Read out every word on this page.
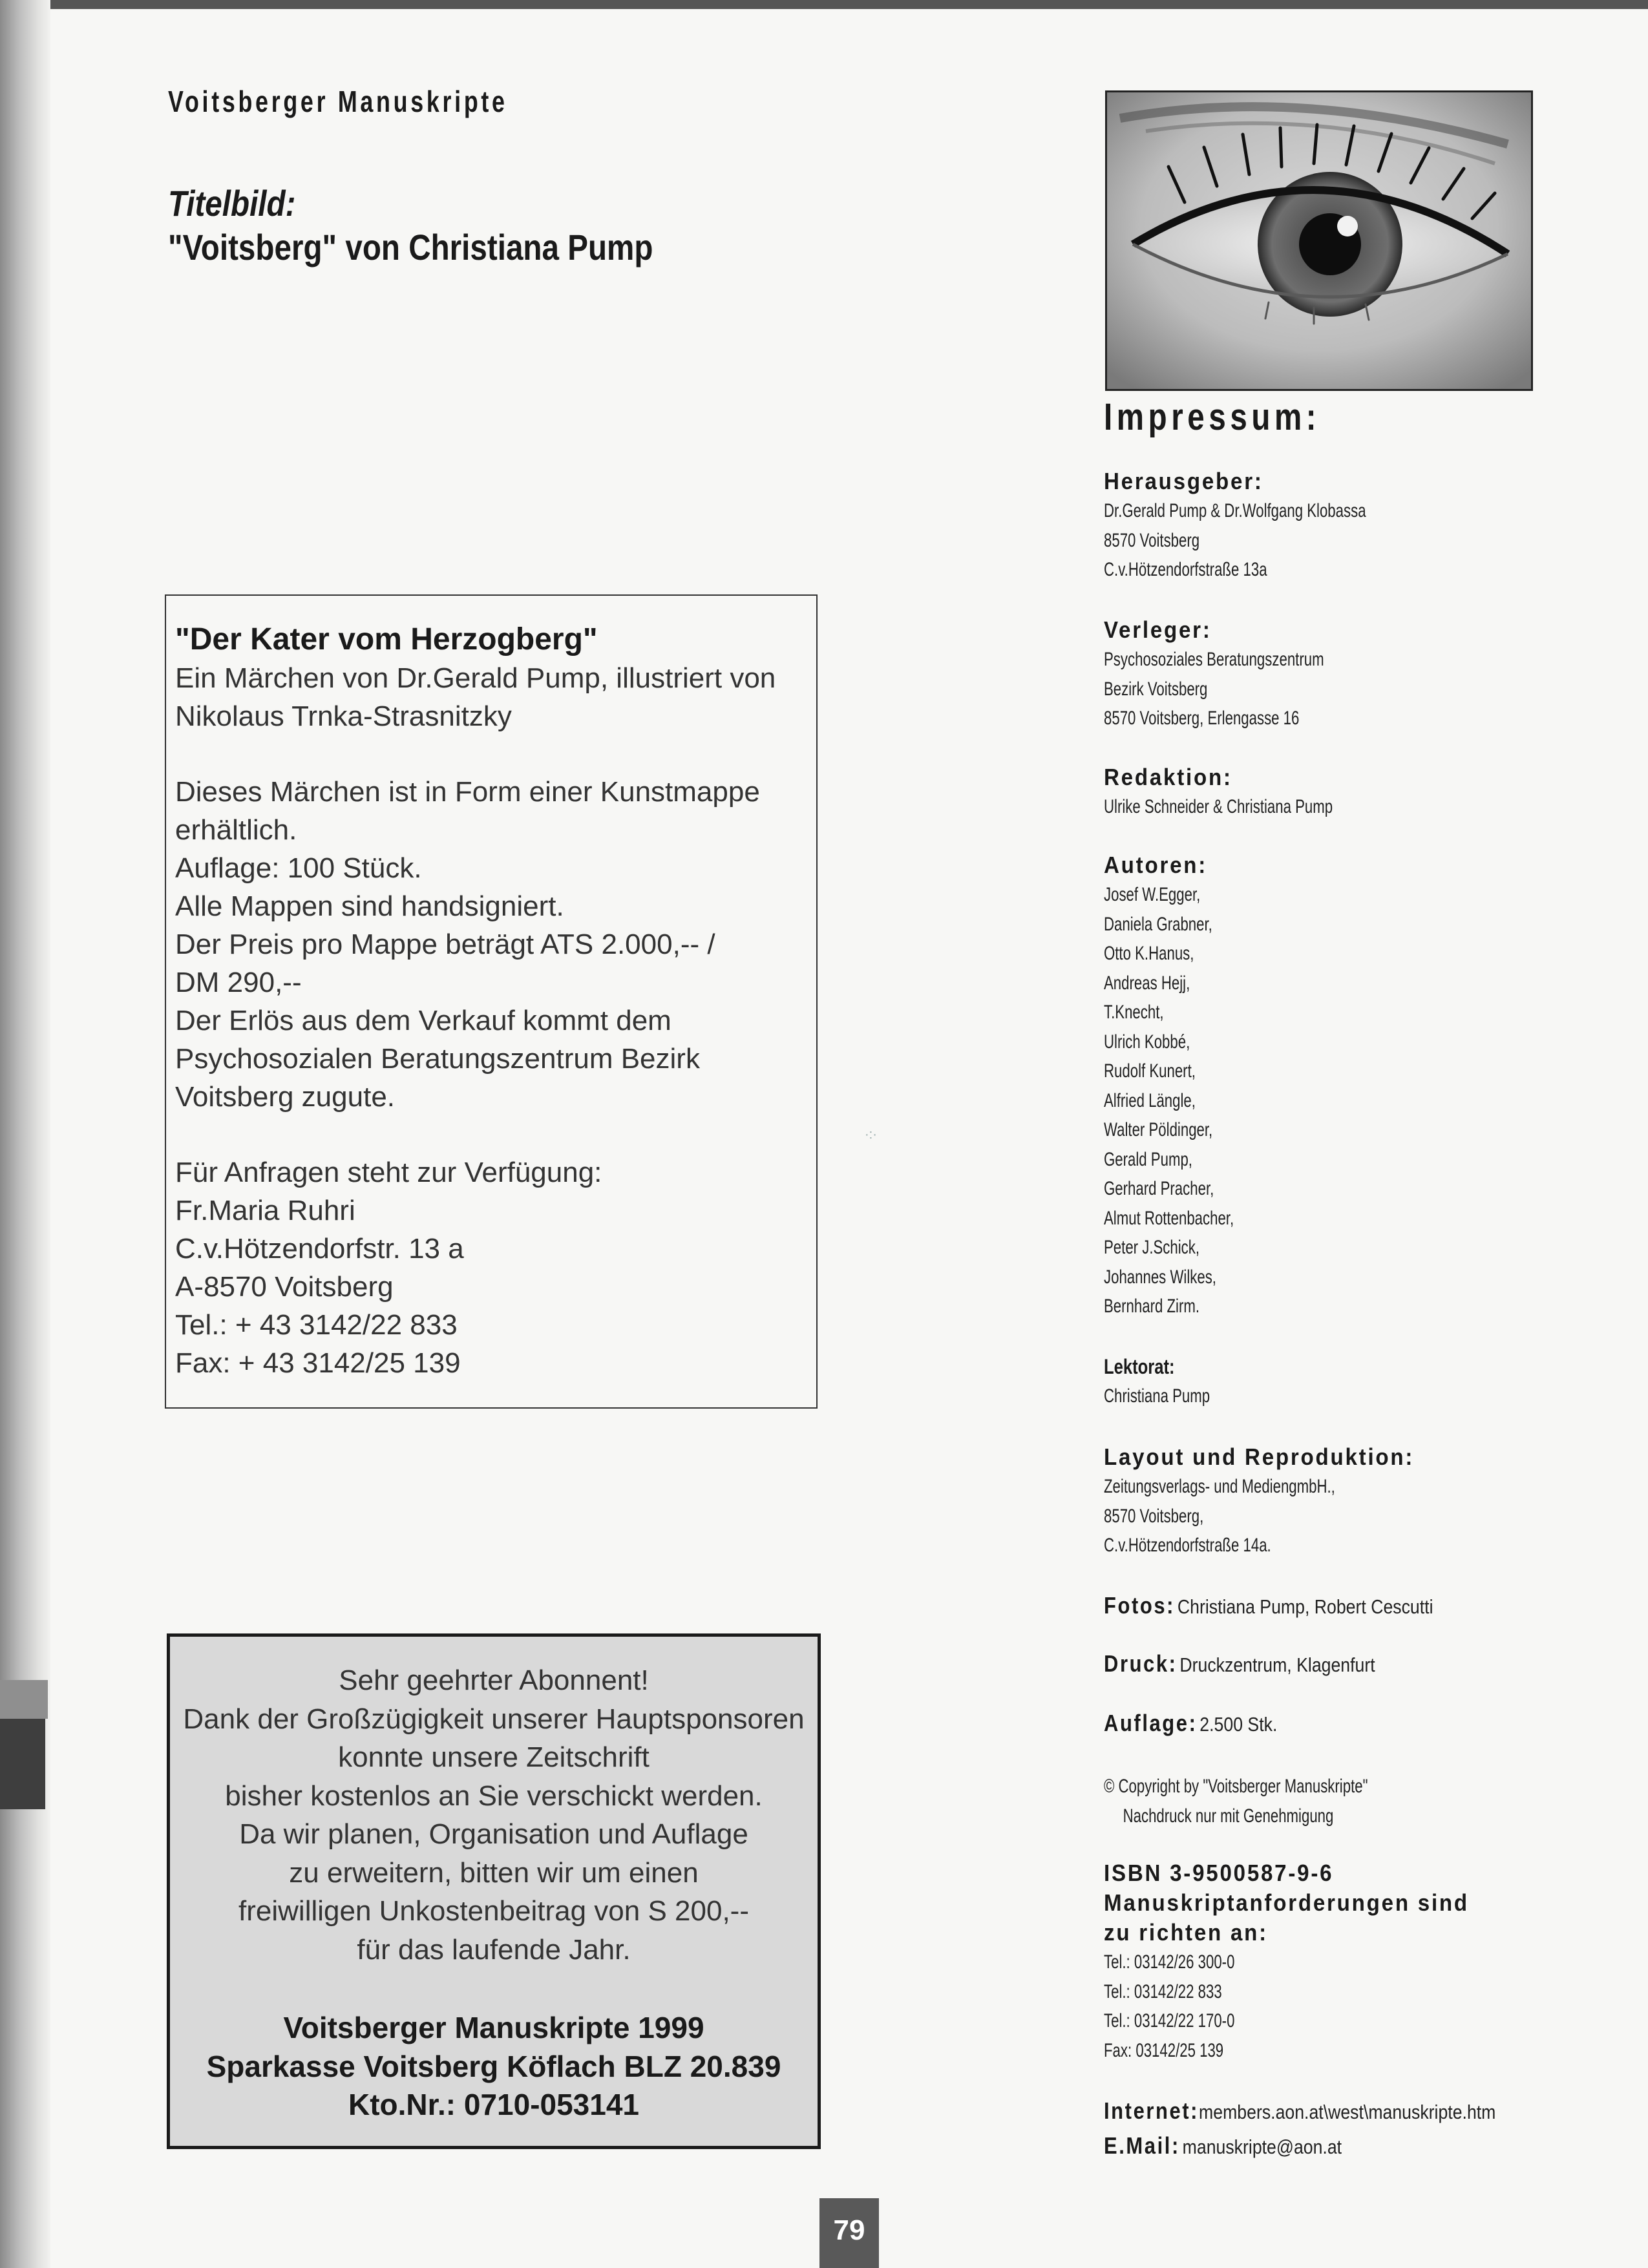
Voitsberger Manuskripte
Titelbild:
"Voitsberg" von Christiana Pump

"Der Kater vom Herzogberg"

Ein Märchen von Dr.Gerald Pump, illustriert von

Nikolaus Trnka-Strasnitzky

Dieses Märchen ist in Form einer Kunstmappe

erhältlich.

Auflage: 100 Stück.

Alle Mappen sind handsigniert.

Der Preis pro Mappe beträgt ATS 2.000,-- /

DM 290,--

Der Erlös aus dem Verkauf kommt dem

Psychosozialen Beratungszentrum Bezirk

Voitsberg zugute.

Für Anfragen steht zur Verfügung:

Fr.Maria Ruhri

C.v.Hötzendorfstr. 13 a

A-8570 Voitsberg

Tel.: + 43 3142/22 833

Fax: + 43 3142/25 139

Sehr geehrter Abonnent!

Dank der Großzügigkeit unserer Hauptsponsoren

konnte unsere Zeitschrift

bisher kostenlos an Sie verschickt werden.

Da wir planen, Organisation und Auflage

zu erweitern, bitten wir um einen

freiwilligen Unkostenbeitrag von S 200,--

für das laufende Jahr.

Voitsberger Manuskripte 1999

Sparkasse Voitsberg Köflach BLZ 20.839

Kto.Nr.: 0710-053141

Impressum:
Herausgeber:
Dr.Gerald Pump & Dr.Wolfgang Klobassa
8570 Voitsberg
C.v.Hötzendorfstraße 13a
Verleger:
Psychosoziales Beratungszentrum
Bezirk Voitsberg
8570 Voitsberg, Erlengasse 16
Redaktion:
Ulrike Schneider & Christiana Pump
Autoren:
Josef W.Egger,
Daniela Grabner,
Otto K.Hanus,
Andreas Hejj,
T.Knecht,
Ulrich Kobbé,
Rudolf Kunert,
Alfried Längle,
Walter Pöldinger,
Gerald Pump,
Gerhard Pracher,
Almut Rottenbacher,
Peter J.Schick,
Johannes Wilkes,
Bernhard Zirm.
Lektorat:
Christiana Pump
Layout und Reproduktion:
Zeitungsverlags- und MediengmbH.,
8570 Voitsberg,
C.v.Hötzendorfstraße 14a.
Fotos: Christiana Pump, Robert Cescutti
Druck: Druckzentrum, Klagenfurt
Auflage: 2.500 Stk.
© Copyright by "Voitsberger Manuskripte"
Nachdruck nur mit Genehmigung
ISBN 3-9500587-9-6
Manuskriptanforderungen sind
zu richten an:
Tel.: 03142/26 300-0
Tel.: 03142/22 833
Tel.: 03142/22 170-0
Fax: 03142/25 139
Internet:members.aon.at\west\manuskripte.htm
E.Mail: manuskripte@aon.at
·:·
79
